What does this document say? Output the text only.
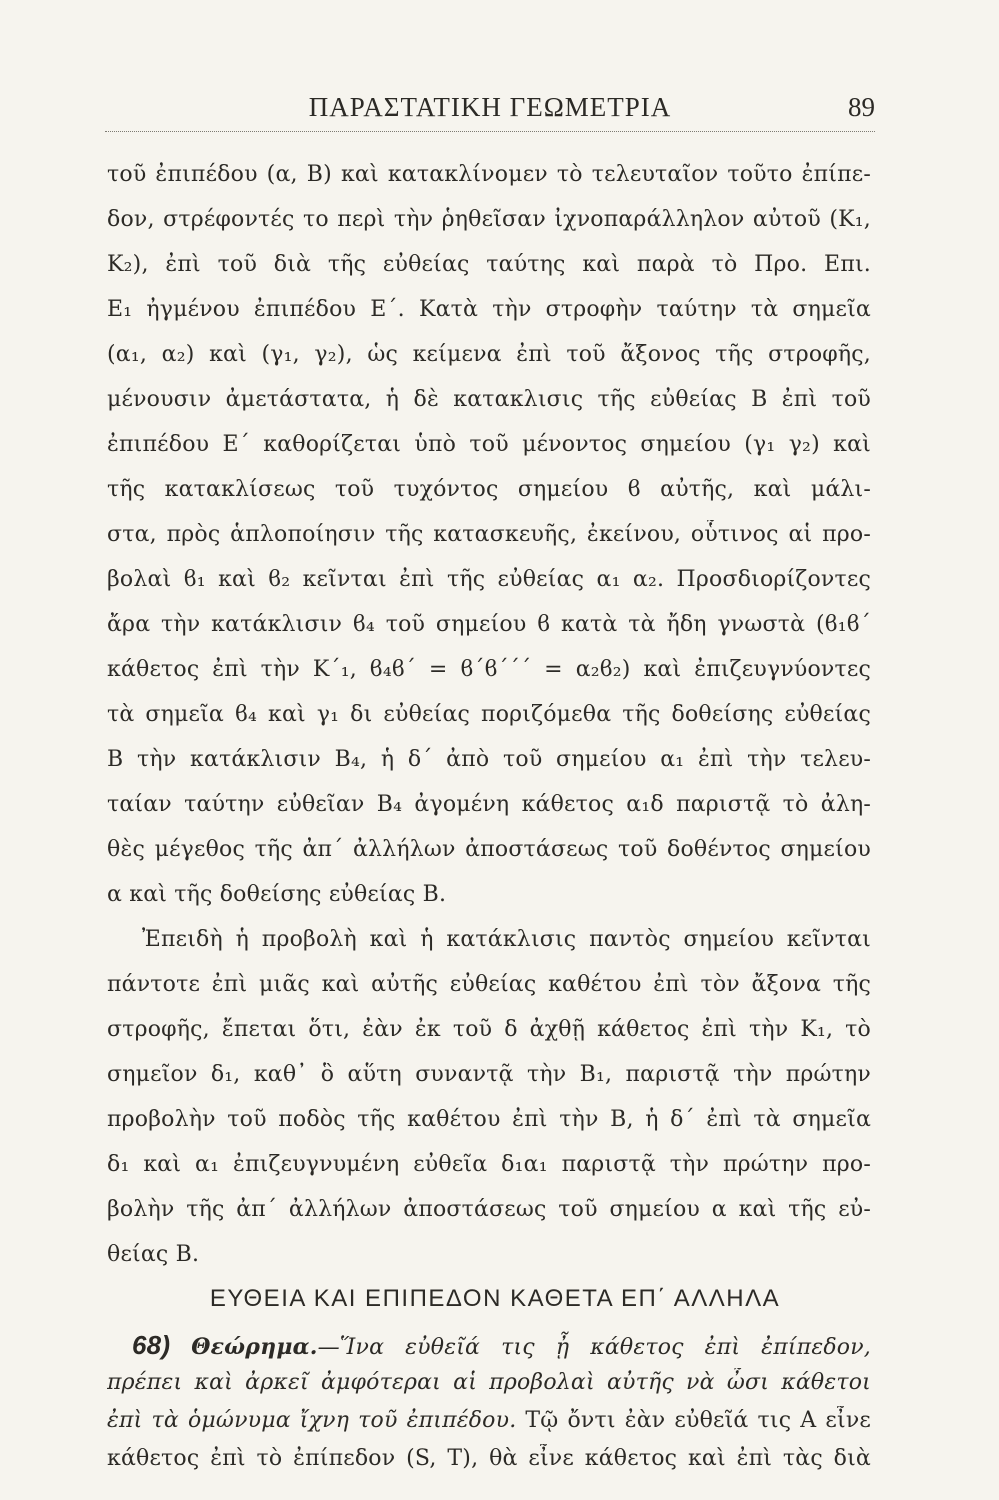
ΠΑΡΑΣΤΑΤΙΚΗ ΓΕΩΜΕΤΡΙΑ	89
τοῦ ἐπιπέδου (α, Β) καὶ κατακλίνομεν τὸ τελευταῖον τοῦτο ἐπίπε-
δον, στρέφοντές το περὶ τὴν ῥηθεῖσαν ἰχνοπαράλληλον αὐτοῦ (Κ₁,
Κ₂), ἐπὶ τοῦ διὰ τῆς εὐθείας ταύτης καὶ παρὰ τὸ Προ. Επι.
Ε₁ ἠγμένου ἐπιπέδου Ε΄. Κατὰ τὴν στροφὴν ταύτην τὰ σημεῖα
(α₁, α₂) καὶ (γ₁, γ₂), ὡς κείμενα ἐπὶ τοῦ ἄξονος τῆς στροφῆς,
μένουσιν ἀμετάστατα, ἡ δὲ κατακλισις τῆς εὐθείας Β ἐπὶ τοῦ
ἐπιπέδου Ε΄ καθορίζεται ὑπὸ τοῦ μένοντος σημείου (γ₁ γ₂) καὶ
τῆς κατακλίσεως τοῦ τυχόντος σημείου ϐ αὐτῆς, καὶ μάλι-
στα, πρὸς ἁπλοποίησιν τῆς κατασκευῆς, ἐκείνου, οὗτινος αἱ προ-
βολαὶ ϐ₁ καὶ ϐ₂ κεῖνται ἐπὶ τῆς εὐθείας α₁ α₂. Προσδιορίζοντες
ἄρα τὴν κατάκλισιν ϐ₄ τοῦ σημείου ϐ κατὰ τὰ ἤδη γνωστὰ (ϐ₁ϐ΄
κάθετος ἐπὶ τὴν Κ΄₁, ϐ₄ϐ΄ = ϐ΄ϐ΄΄΄ = α₂ϐ₂) καὶ ἐπιζευγνύοντες
τὰ σημεῖα ϐ₄ καὶ γ₁ δι εὐθείας ποριζόμεθα τῆς δοθείσης εὐθείας
Β τὴν κατάκλισιν Β₄, ἡ δ΄ ἀπὸ τοῦ σημείου α₁ ἐπὶ τὴν τελευ-
ταίαν ταύτην εὐθεῖαν Β₄ ἀγομένη κάθετος α₁δ παριστᾷ τὸ ἀλη-
θὲς μέγεθος τῆς ἀπ΄ ἀλλήλων ἀποστάσεως τοῦ δοθέντος σημείου
α καὶ τῆς δοθείσης εὐθείας Β.
Ἐπειδὴ ἡ προβολὴ καὶ ἡ κατάκλισις παντὸς σημείου κεῖνται
πάντοτε ἐπὶ μιᾶς καὶ αὐτῆς εὐθείας καθέτου ἐπὶ τὸν ἄξονα τῆς
στροφῆς, ἔπεται ὅτι, ἐὰν ἐκ τοῦ δ ἀχθῇ κάθετος ἐπὶ τὴν Κ₁, τὸ
σημεῖον δ₁, καθ᾽ ὃ αὕτη συναντᾷ τὴν Β₁, παριστᾷ τὴν πρώτην
προβολὴν τοῦ ποδὸς τῆς καθέτου ἐπὶ τὴν Β, ἡ δ΄ ἐπὶ τὰ σημεῖα
δ₁ καὶ α₁ ἐπιζευγνυμένη εὐθεῖα δ₁α₁ παριστᾷ τὴν πρώτην προ-
βολὴν τῆς ἀπ΄ ἀλλήλων ἀποστάσεως τοῦ σημείου α καὶ τῆς εὐ-
θείας Β.
ΕΥΘΕΙΑ ΚΑΙ ΕΠΙΠΕΔΟΝ ΚΑΘΕΤΑ ΕΠ΄ ΑΛΛΗΛΑ
68) Θεώρημα.—Ἵνα εὐθεῖά τις ᾖ κάθετος ἐπὶ ἐπίπεδον,
πρέπει καὶ ἀρκεῖ ἀμφότεραι αἱ προβολαὶ αὐτῆς νὰ ὦσι κάθετοι
ἐπὶ τὰ ὁμώνυμα ἴχνη τοῦ ἐπιπέδου. Τῷ ὄντι ἐὰν εὐθεῖά τις Α εἶνε
κάθετος ἐπὶ τὸ ἐπίπεδον (S, T), θὰ εἶνε κάθετος καὶ ἐπὶ τὰς διὰ
